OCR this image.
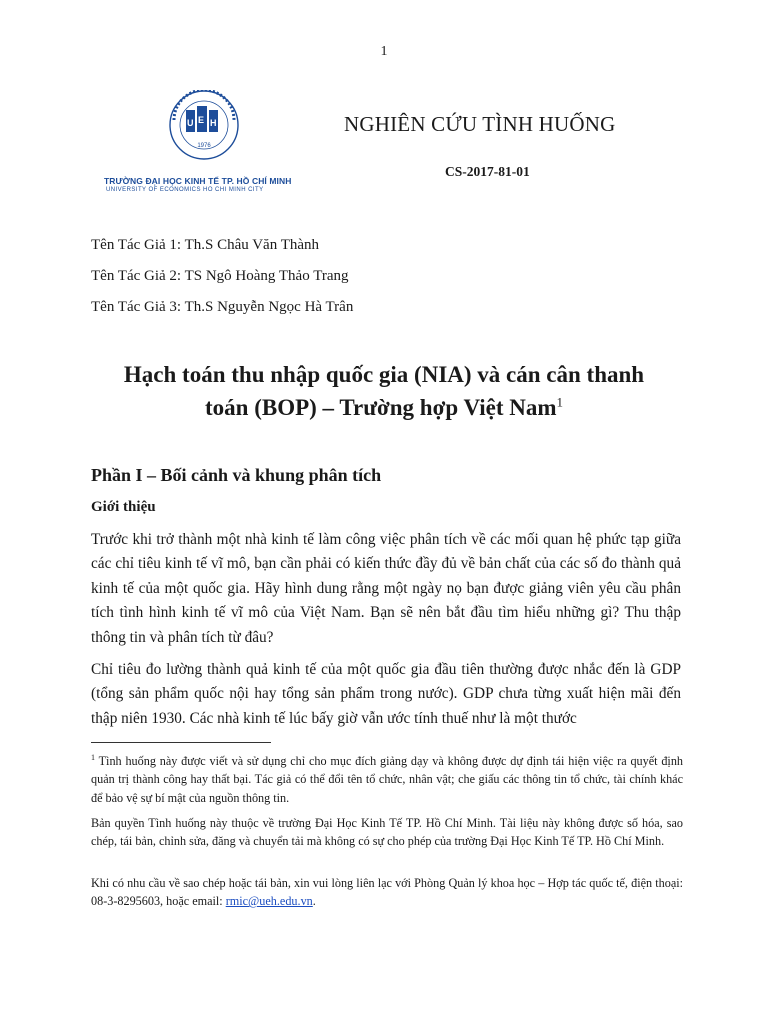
1
U E H
1976
TRƯỜNG ĐẠI HỌC KINH TẾ TP. HỒ CHÍ MINH
UNIVERSITY OF ECONOMICS HO CHI MINH CITY
NGHIÊN CỨU TÌNH HUỐNG
CS-2017-81-01
Tên Tác Giả 1: Th.S Châu Văn Thành
Tên Tác Giả 2: TS Ngô Hoàng Thảo Trang
Tên Tác Giả 3: Th.S Nguyễn Ngọc Hà Trân
Hạch toán thu nhập quốc gia (NIA) và cán cân thanh
toán (BOP) – Trường hợp Việt Nam$^1$
Phần I – Bối cảnh và khung phân tích
Giới thiệu
Trước khi trở thành một nhà kinh tế làm công việc phân tích về các mối quan hệ phức tạp giữa các chỉ tiêu kinh tế vĩ mô, bạn cần phải có kiến thức đầy đủ về bản chất của các số đo thành quả kinh tế của một quốc gia. Hãy hình dung rằng một ngày nọ bạn được giảng viên yêu cầu phân tích tình hình kinh tế vĩ mô của Việt Nam. Bạn sẽ nên bắt đầu tìm hiểu những gì? Thu thập thông tin và phân tích từ đâu?
Chỉ tiêu đo lường thành quả kinh tế của một quốc gia đầu tiên thường được nhắc đến là GDP (tổng sản phẩm quốc nội hay tổng sản phẩm trong nước). GDP chưa từng xuất hiện mãi đến thập niên 1930. Các nhà kinh tế lúc bấy giờ vẫn ước tính thuế như là một thước
$^1$ Tình huống này được viết và sử dụng chỉ cho mục đích giảng dạy và không được dự định tái hiện việc ra quyết định quản trị thành công hay thất bại. Tác giả có thể đổi tên tổ chức, nhân vật; che giấu các thông tin tổ chức, tài chính khác để bảo vệ sự bí mật của nguồn thông tin.
Bản quyền Tình huống này thuộc về trường Đại Học Kinh Tế TP. Hồ Chí Minh. Tài liệu này không được số hóa, sao chép, tái bản, chỉnh sửa, đăng và chuyển tải mà không có sự cho phép của trường Đại Học Kinh Tế TP. Hồ Chí Minh.
Khi có nhu cầu về sao chép hoặc tái bản, xin vui lòng liên lạc với Phòng Quản lý khoa học – Hợp tác quốc tế, điện thoại: 08-3-8295603, hoặc email: rmic@ueh.edu.vn.
